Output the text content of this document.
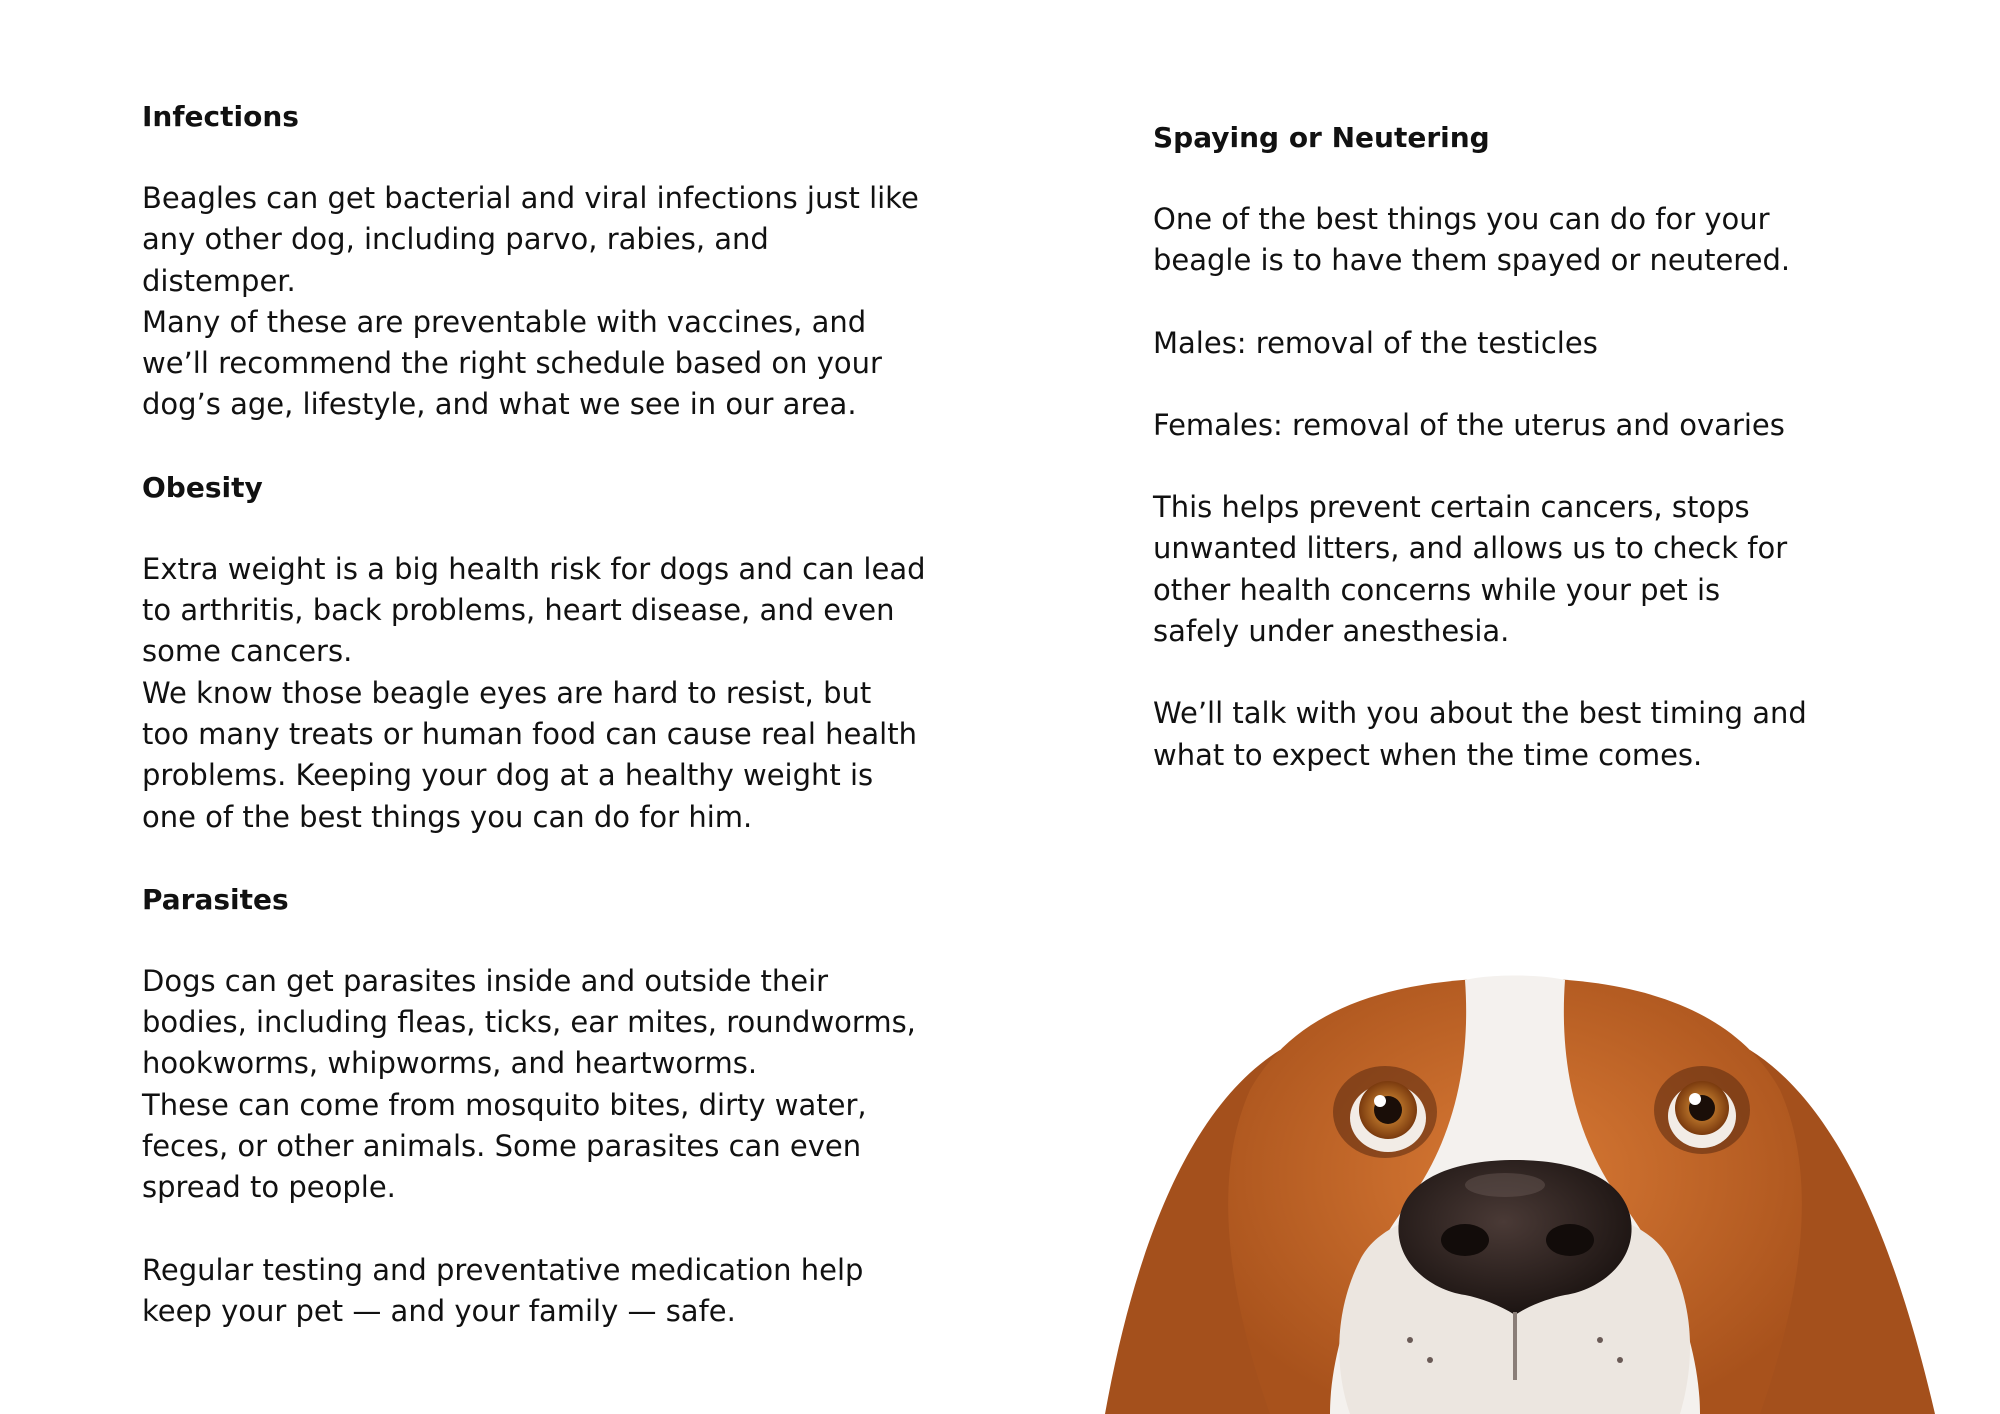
Infections

Beagles can get bacterial and viral infections just like
any other dog, including parvo, rabies, and
distemper.
Many of these are preventable with vaccines, and
we’ll recommend the right schedule based on your
dog’s age, lifestyle, and what we see in our area.

Obesity

Extra weight is a big health risk for dogs and can lead
to arthritis, back problems, heart disease, and even
some cancers.
We know those beagle eyes are hard to resist, but
too many treats or human food can cause real health
problems. Keeping your dog at a healthy weight is
one of the best things you can do for him.

Parasites

Dogs can get parasites inside and outside their
bodies, including fleas, ticks, ear mites, roundworms,
hookworms, whipworms, and heartworms.
These can come from mosquito bites, dirty water,
feces, or other animals. Some parasites can even
spread to people.

Regular testing and preventative medication help
keep your pet — and your family — safe.

Spaying or Neutering

One of the best things you can do for your
beagle is to have them spayed or neutered.

Males: removal of the testicles

Females: removal of the uterus and ovaries

This helps prevent certain cancers, stops
unwanted litters, and allows us to check for
other health concerns while your pet is
safely under anesthesia.

We’ll talk with you about the best timing and
what to expect when the time comes.
